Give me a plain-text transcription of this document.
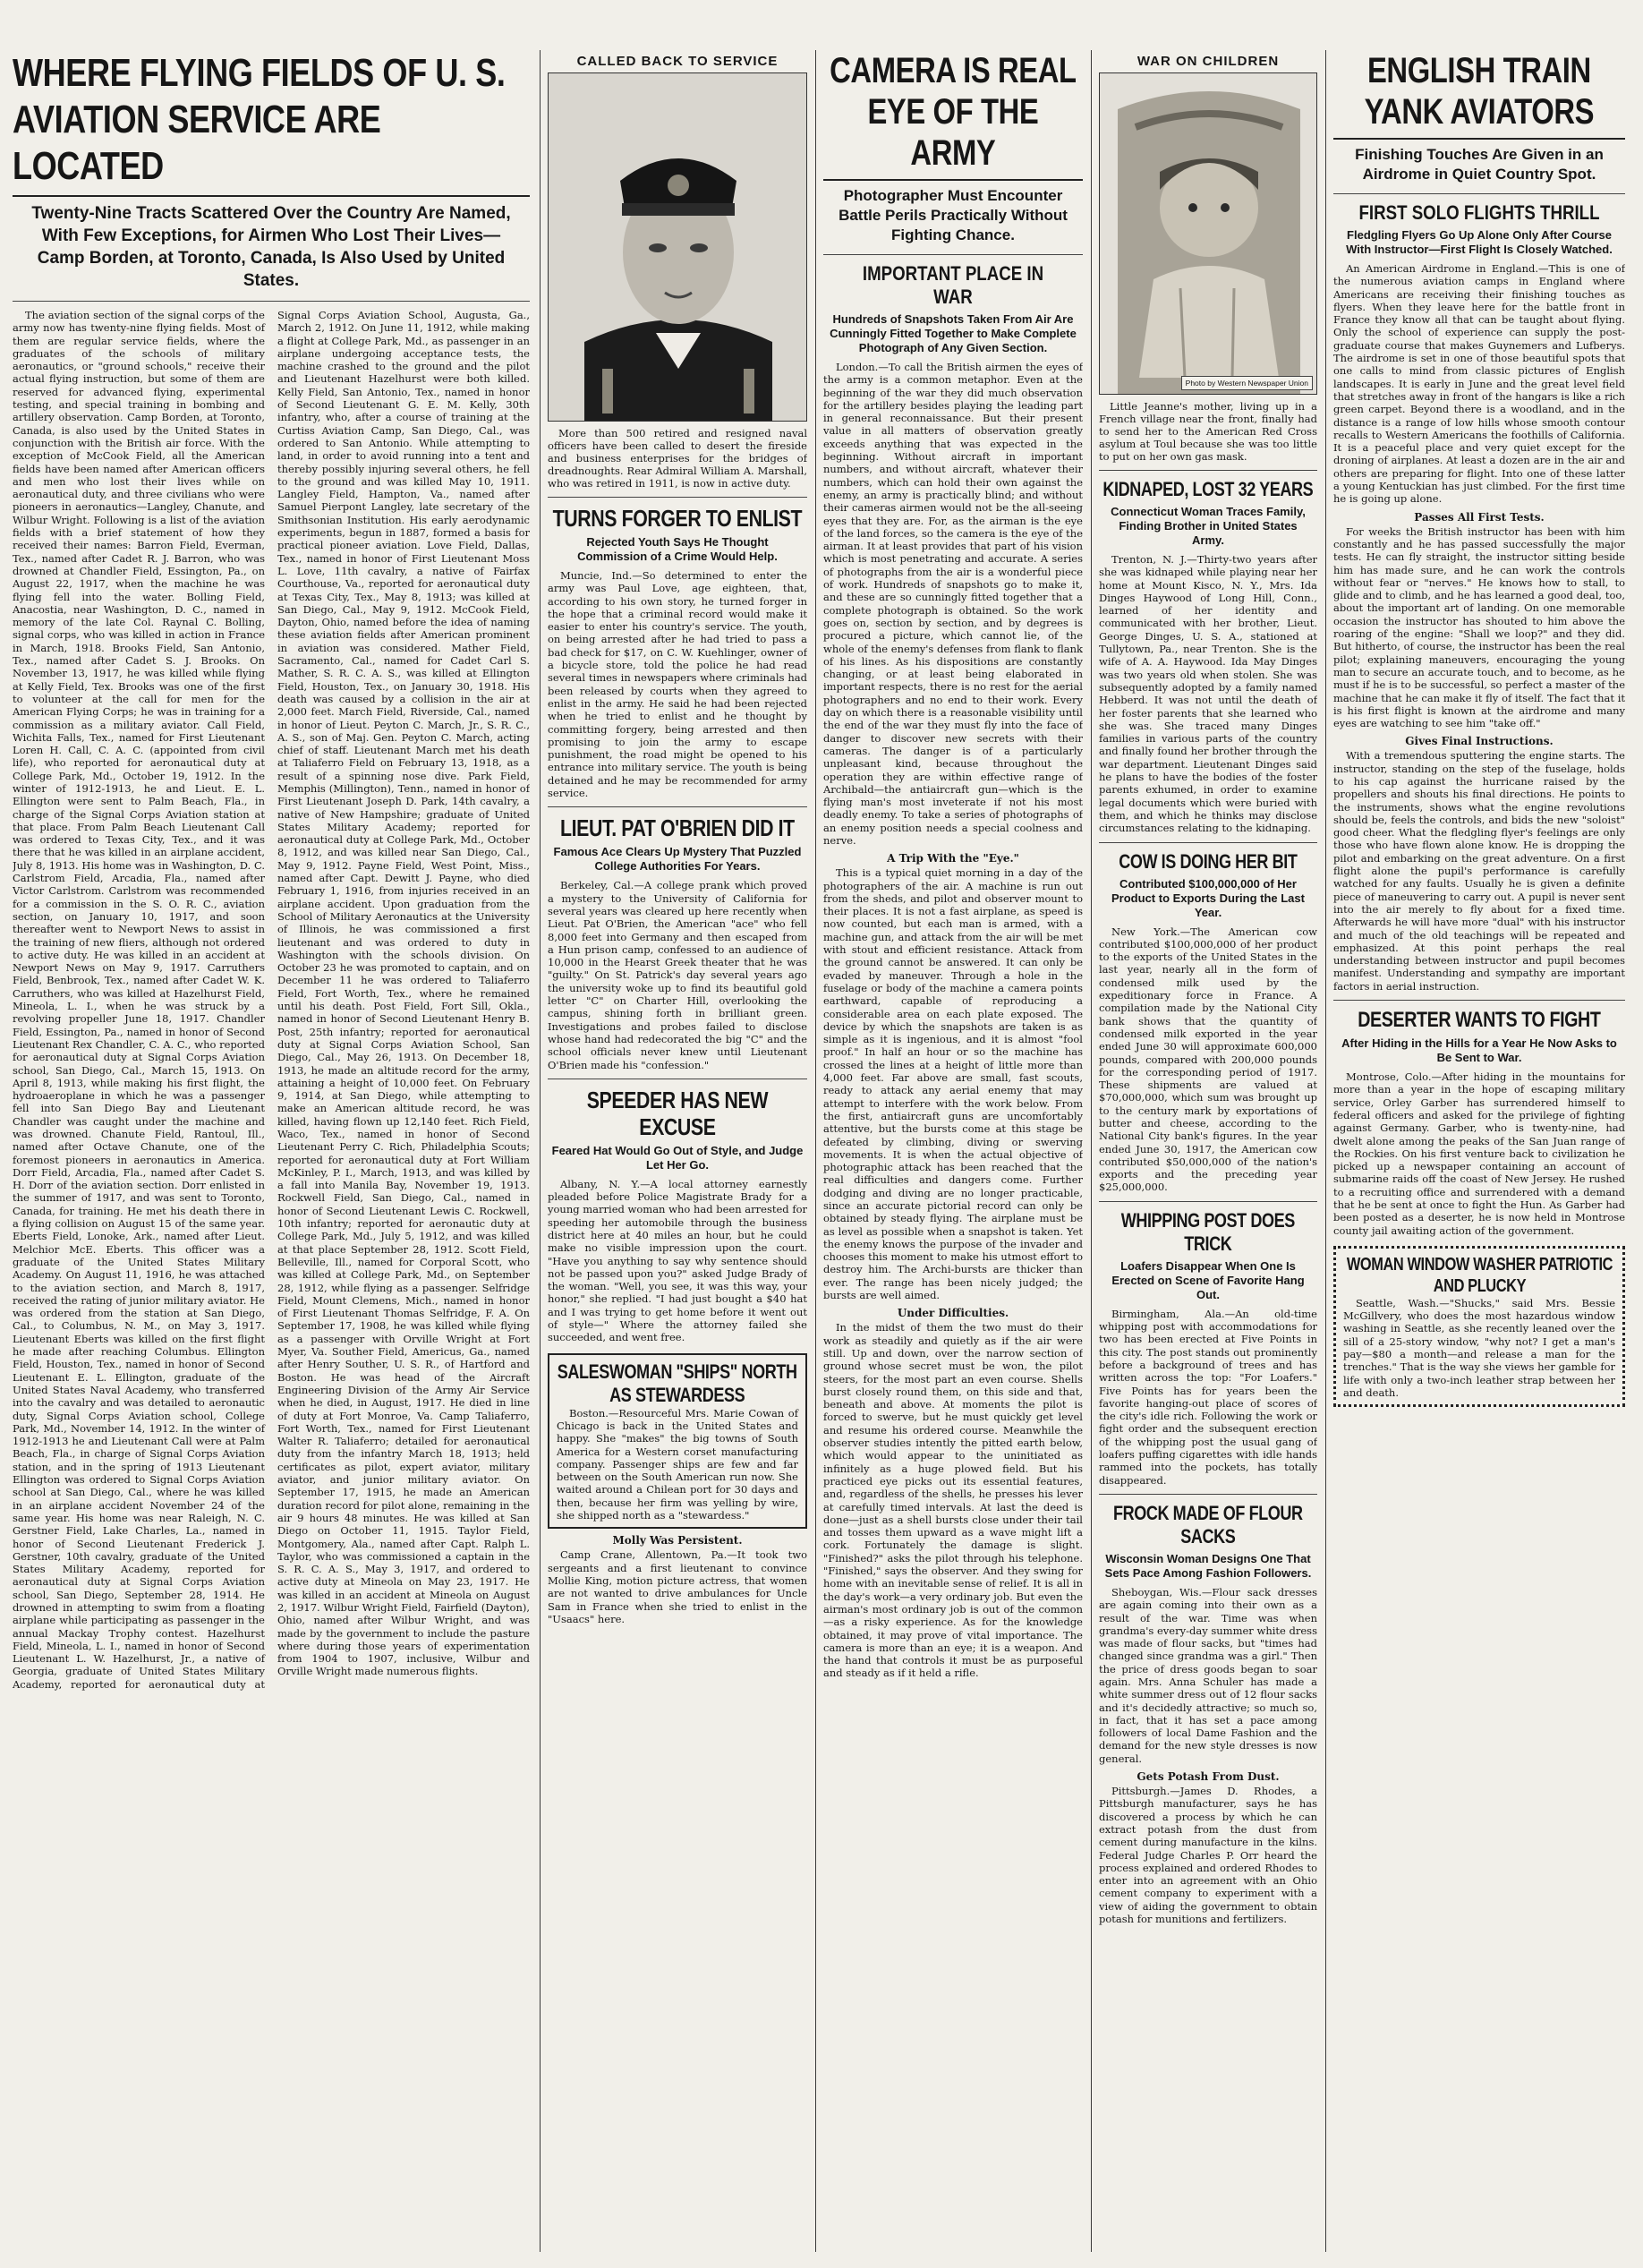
WHERE FLYING FIELDS OF U. S. AVIATION SERVICE ARE LOCATED
Twenty-Nine Tracts Scattered Over the Country Are Named, With Few Exceptions, for Airmen Who Lost Their Lives—Camp Borden, at Toronto, Canada, Is Also Used by United States.
The aviation section of the signal corps of the army now has twenty-nine flying fields. Most of them are regular service fields, where the graduates of the schools of military aeronautics, or "ground schools," receive their actual flying instruction, but some of them are reserved for advanced flying, experimental testing, and special training in bombing and artillery observation. Camp Borden, at Toronto, Canada, is also used by the United States in conjunction with the British air force. With the exception of McCook Field, all the American fields have been named after American officers and men who lost their lives while on aeronautical duty, and three civilians who were pioneers in aeronautics—Langley, Chanute, and Wilbur Wright. Following is a list of the aviation fields with a brief statement of how they received their names: Barron Field, Everman, Tex., named after Cadet R. J. Barron, who was drowned at Chandler Field, Essington, Pa., on August 22, 1917, when the machine he was flying fell into the water. Bolling Field, Anacostia, near Washington, D. C., named in memory of the late Col. Raynal C. Bolling, signal corps, who was killed in action in France in March, 1918. Brooks Field, San Antonio, Tex., named after Cadet S. J. Brooks. On November 13, 1917, he was killed while flying at Kelly Field, Tex. Brooks was one of the first to volunteer at the call for men for the American Flying Corps; he was in training for a commission as a military aviator. Call Field, Wichita Falls, Tex., named for First Lieutenant Loren H. Call, C. A. C. (appointed from civil life), who reported for aeronautical duty at College Park, Md., October 19, 1912. In the winter of 1912-1913, he and Lieut. E. L. Ellington were sent to Palm Beach, Fla., in charge of the Signal Corps Aviation station at that place. From Palm Beach Lieutenant Call was ordered to Texas City, Tex., and it was there that he was killed in an airplane accident, July 8, 1913. His home was in Washington, D. C. Carlstrom Field, Arcadia, Fla., named after Victor Carlstrom. Carlstrom was recommended for a commission in the S. O. R. C., aviation section, on January 10, 1917, and soon thereafter went to Newport News to assist in the training of new fliers, although not ordered to active duty. He was killed in an accident at Newport News on May 9, 1917. Carruthers Field, Benbrook, Tex., named after Cadet W. K. Carruthers, who was killed at Hazelhurst Field, Mineola, L. I., when he was struck by a revolving propeller June 18, 1917. Chandler Field, Essington, Pa., named in honor of Second Lieutenant Rex Chandler, C. A. C., who reported for aeronautical duty at Signal Corps Aviation school, San Diego, Cal., March 15, 1913. On April 8, 1913, while making his first flight, the hydroaeroplane in which he was a passenger fell into San Diego Bay and Lieutenant Chandler was caught under the machine and was drowned. Chanute Field, Rantoul, Ill., named after Octave Chanute, one of the foremost pioneers in aeronautics in America. Dorr Field, Arcadia, Fla., named after Cadet S. H. Dorr of the aviation section. Dorr enlisted in the summer of 1917, and was sent to Toronto, Canada, for training. He met his death there in a flying collision on August 15 of the same year. Eberts Field, Lonoke, Ark., named after Lieut. Melchior McE. Eberts. This officer was a graduate of the United States Military Academy. On August 11, 1916, he was attached to the aviation section, and March 8, 1917, received the rating of junior military aviator. He was ordered from the station at San Diego, Cal., to Columbus, N. M., on May 3, 1917. Lieutenant Eberts was killed on the first flight he made after reaching Columbus. Ellington Field, Houston, Tex., named in honor of Second Lieutenant E. L. Ellington, graduate of the United States Naval Academy, who transferred into the cavalry and was detailed to aeronautic duty, Signal Corps Aviation school, College Park, Md., November 14, 1912. In the winter of 1912-1913 he and Lieutenant Call were at Palm Beach, Fla., in charge of Signal Corps Aviation station, and in the spring of 1913 Lieutenant Ellington was ordered to Signal Corps Aviation school at San Diego, Cal., where he was killed in an airplane accident November 24 of the same year. His home was near Raleigh, N. C. Gerstner Field, Lake Charles, La., named in honor of Second Lieutenant Frederick J. Gerstner, 10th cavalry, graduate of the United States Military Academy, reported for aeronautical duty at Signal Corps Aviation school, San Diego, September 28, 1914. He drowned in attempting to swim from a floating airplane while participating as passenger in the annual Mackay Trophy contest. Hazelhurst Field, Mineola, L. I., named in honor of Second Lieutenant L. W. Hazelhurst, Jr., a native of Georgia, graduate of United States Military Academy, reported for aeronautical duty at Signal Corps Aviation School, Augusta, Ga., March 2, 1912. On June 11, 1912, while making a flight at College Park, Md., as passenger in an airplane undergoing acceptance tests, the machine crashed to the ground and the pilot and Lieutenant Hazelhurst were both killed. Kelly Field, San Antonio, Tex., named in honor of Second Lieutenant G. E. M. Kelly, 30th infantry, who, after a course of training at the Curtiss Aviation Camp, San Diego, Cal., was ordered to San Antonio. While attempting to land, in order to avoid running into a tent and thereby possibly injuring several others, he fell to the ground and was killed May 10, 1911. Langley Field, Hampton, Va., named after Samuel Pierpont Langley, late secretary of the Smithsonian Institution. His early aerodynamic experiments, begun in 1887, formed a basis for practical pioneer aviation. Love Field, Dallas, Tex., named in honor of First Lieutenant Moss L. Love, 11th cavalry, a native of Fairfax Courthouse, Va., reported for aeronautical duty at Texas City, Tex., May 8, 1913; was killed at San Diego, Cal., May 9, 1912. McCook Field, Dayton, Ohio, named before the idea of naming these aviation fields after American prominent in aviation was considered. Mather Field, Sacramento, Cal., named for Cadet Carl S. Mather, S. R. C. A. S., was killed at Ellington Field, Houston, Tex., on January 30, 1918. His death was caused by a collision in the air at 2,000 feet. March Field, Riverside, Cal., named in honor of Lieut. Peyton C. March, Jr., S. R. C., A. S., son of Maj. Gen. Peyton C. March, acting chief of staff. Lieutenant March met his death at Taliaferro Field on February 13, 1918, as a result of a spinning nose dive. Park Field, Memphis (Millington), Tenn., named in honor of First Lieutenant Joseph D. Park, 14th cavalry, a native of New Hampshire; graduate of United States Military Academy; reported for aeronautical duty at College Park, Md., October 8, 1912, and was killed near San Diego, Cal., May 9, 1912. Payne Field, West Point, Miss., named after Capt. Dewitt J. Payne, who died February 1, 1916, from injuries received in an airplane accident. Upon graduation from the School of Military Aeronautics at the University of Illinois, he was commissioned a first lieutenant and was ordered to duty in Washington with the schools division. On October 23 he was promoted to captain, and on December 11 he was ordered to Taliaferro Field, Fort Worth, Tex., where he remained until his death. Post Field, Fort Sill, Okla., named in honor of Second Lieutenant Henry B. Post, 25th infantry; reported for aeronautical duty at Signal Corps Aviation School, San Diego, Cal., May 26, 1913. On December 18, 1913, he made an altitude record for the army, attaining a height of 10,000 feet. On February 9, 1914, at San Diego, while attempting to make an American altitude record, he was killed, having flown up 12,140 feet. Rich Field, Waco, Tex., named in honor of Second Lieutenant Perry C. Rich, Philadelphia Scouts; reported for aeronautical duty at Fort William McKinley, P. I., March, 1913, and was killed by a fall into Manila Bay, November 19, 1913. Rockwell Field, San Diego, Cal., named in honor of Second Lieutenant Lewis C. Rockwell, 10th infantry; reported for aeronautic duty at College Park, Md., July 5, 1912, and was killed at that place September 28, 1912. Scott Field, Belleville, Ill., named for Corporal Scott, who was killed at College Park, Md., on September 28, 1912, while flying as a passenger. Selfridge Field, Mount Clemens, Mich., named in honor of First Lieutenant Thomas Selfridge, F. A. On September 17, 1908, he was killed while flying as a passenger with Orville Wright at Fort Myer, Va. Souther Field, Americus, Ga., named after Henry Souther, U. S. R., of Hartford and Boston. He was head of the Aircraft Engineering Division of the Army Air Service when he died, in August, 1917. He died in line of duty at Fort Monroe, Va. Camp Taliaferro, Fort Worth, Tex., named for First Lieutenant Walter R. Taliaferro; detailed for aeronautical duty from the infantry March 18, 1913; held certificates as pilot, expert aviator, military aviator, and junior military aviator. On September 17, 1915, he made an American duration record for pilot alone, remaining in the air 9 hours 48 minutes. He was killed at San Diego on October 11, 1915. Taylor Field, Montgomery, Ala., named after Capt. Ralph L. Taylor, who was commissioned a captain in the S. R. C. A. S., May 3, 1917, and ordered to active duty at Mineola on May 23, 1917. He was killed in an accident at Mineola on August 2, 1917. Wilbur Wright Field, Fairfield (Dayton), Ohio, named after Wilbur Wright, and was made by the government to include the pasture where during those years of experimentation from 1904 to 1907, inclusive, Wilbur and Orville Wright made numerous flights.
CALLED BACK TO SERVICE
More than 500 retired and resigned naval officers have been called to desert the fireside and business enterprises for the bridges of dreadnoughts. Rear Admiral William A. Marshall, who was retired in 1911, is now in active duty.
TURNS FORGER TO ENLIST
Rejected Youth Says He Thought Commission of a Crime Would Help.
Muncie, Ind.—So determined to enter the army was Paul Love, age eighteen, that, according to his own story, he turned forger in the hope that a criminal record would make it easier to enter his country's service. The youth, on being arrested after he had tried to pass a bad check for $17, on C. W. Kuehlinger, owner of a bicycle store, told the police he had read several times in newspapers where criminals had been released by courts when they agreed to enlist in the army. He said he had been rejected when he tried to enlist and he thought by committing forgery, being arrested and then promising to join the army to escape punishment, the road might be opened to his entrance into military service. The youth is being detained and he may be recommended for army service.
LIEUT. PAT O'BRIEN DID IT
Famous Ace Clears Up Mystery That Puzzled College Authorities For Years.
Berkeley, Cal.—A college prank which proved a mystery to the University of California for several years was cleared up here recently when Lieut. Pat O'Brien, the American "ace" who fell 8,000 feet into Germany and then escaped from a Hun prison camp, confessed to an audience of 10,000 in the Hearst Greek theater that he was "guilty." On St. Patrick's day several years ago the university woke up to find its beautiful gold letter "C" on Charter Hill, overlooking the campus, shining forth in brilliant green. Investigations and probes failed to disclose whose hand had redecorated the big "C" and the school officials never knew until Lieutenant O'Brien made his "confession."
SPEEDER HAS NEW EXCUSE
Feared Hat Would Go Out of Style, and Judge Let Her Go.
Albany, N. Y.—A local attorney earnestly pleaded before Police Magistrate Brady for a young married woman who had been arrested for speeding her automobile through the business district here at 40 miles an hour, but he could make no visible impression upon the court. "Have you anything to say why sentence should not be passed upon you?" asked Judge Brady of the woman. "Well, you see, it was this way, your honor," she replied. "I had just bought a $40 hat and I was trying to get home before it went out of style—" Where the attorney failed she succeeded, and went free.
SALESWOMAN "SHIPS" NORTH AS STEWARDESS
Boston.—Resourceful Mrs. Marie Cowan of Chicago is back in the United States and happy. She "makes" the big towns of South America for a Western corset manufacturing company. Passenger ships are few and far between on the South American run now. She waited around a Chilean port for 30 days and then, because her firm was yelling by wire, she shipped north as a "stewardess."
Molly Was Persistent.
Camp Crane, Allentown, Pa.—It took two sergeants and a first lieutenant to convince Mollie King, motion picture actress, that women are not wanted to drive ambulances for Uncle Sam in France when she tried to enlist in the "Usaacs" here.
CAMERA IS REAL EYE OF THE ARMY
Photographer Must Encounter Battle Perils Practically Without Fighting Chance.
IMPORTANT PLACE IN WAR
Hundreds of Snapshots Taken From Air Are Cunningly Fitted Together to Make Complete Photograph of Any Given Section.
London.—To call the British airmen the eyes of the army is a common metaphor. Even at the beginning of the war they did much observation for the artillery besides playing the leading part in general reconnaissance. But their present value in all matters of observation greatly exceeds anything that was expected in the beginning. Without aircraft in important numbers, and without aircraft, whatever their numbers, which can hold their own against the enemy, an army is practically blind; and without their cameras airmen would not be the all-seeing eyes that they are. For, as the airman is the eye of the land forces, so the camera is the eye of the airman. It at least provides that part of his vision which is most penetrating and accurate. A series of photographs from the air is a wonderful piece of work. Hundreds of snapshots go to make it, and these are so cunningly fitted together that a complete photograph is obtained. So the work goes on, section by section, and by degrees is procured a picture, which cannot lie, of the whole of the enemy's defenses from flank to flank of his lines. As his dispositions are constantly changing, or at least being elaborated in important respects, there is no rest for the aerial photographers and no end to their work. Every day on which there is a reasonable visibility until the end of the war they must fly into the face of danger to discover new secrets with their cameras. The danger is of a particularly unpleasant kind, because throughout the operation they are within effective range of Archibald—the antiaircraft gun—which is the flying man's most inveterate if not his most deadly enemy. To take a series of photographs of an enemy position needs a special coolness and nerve.
A Trip With the "Eye."
This is a typical quiet morning in a day of the photographers of the air. A machine is run out from the sheds, and pilot and observer mount to their places. It is not a fast airplane, as speed is now counted, but each man is armed, with a machine gun, and attack from the air will be met with stout and efficient resistance. Attack from the ground cannot be answered. It can only be evaded by maneuver. Through a hole in the fuselage or body of the machine a camera points earthward, capable of reproducing a considerable area on each plate exposed. The device by which the snapshots are taken is as simple as it is ingenious, and it is almost "fool proof." In half an hour or so the machine has crossed the lines at a height of little more than 4,000 feet. Far above are small, fast scouts, ready to attack any aerial enemy that may attempt to interfere with the work below. From the first, antiaircraft guns are uncomfortably attentive, but the bursts come at this stage be defeated by climbing, diving or swerving movements. It is when the actual objective of photographic attack has been reached that the real difficulties and dangers come. Further dodging and diving are no longer practicable, since an accurate pictorial record can only be obtained by steady flying. The airplane must be as level as possible when a snapshot is taken. Yet the enemy knows the purpose of the invader and chooses this moment to make his utmost effort to destroy him. The Archi-bursts are thicker than ever. The range has been nicely judged; the bursts are well aimed.
Under Difficulties.
In the midst of them the two must do their work as steadily and quietly as if the air were still. Up and down, over the narrow section of ground whose secret must be won, the pilot steers, for the most part an even course. Shells burst closely round them, on this side and that, beneath and above. At moments the pilot is forced to swerve, but he must quickly get level and resume his ordered course. Meanwhile the observer studies intently the pitted earth below, which would appear to the uninitiated as infinitely as a huge plowed field. But his practiced eye picks out its essential features, and, regardless of the shells, he presses his lever at carefully timed intervals. At last the deed is done—just as a shell bursts close under their tail and tosses them upward as a wave might lift a cork. Fortunately the damage is slight. "Finished?" asks the pilot through his telephone. "Finished," says the observer. And they swing for home with an inevitable sense of relief. It is all in the day's work—a very ordinary job. But even the airman's most ordinary job is out of the common—as a risky experience. As for the knowledge obtained, it may prove of vital importance. The camera is more than an eye; it is a weapon. And the hand that controls it must be as purposeful and steady as if it held a rifle.
WAR ON CHILDREN
Photo by Western Newspaper Union
Little Jeanne's mother, living up in a French village near the front, finally had to send her to the American Red Cross asylum at Toul because she was too little to put on her own gas mask.
KIDNAPED, LOST 32 YEARS
Connecticut Woman Traces Family, Finding Brother in United States Army.
Trenton, N. J.—Thirty-two years after she was kidnaped while playing near her home at Mount Kisco, N. Y., Mrs. Ida Dinges Haywood of Long Hill, Conn., learned of her identity and communicated with her brother, Lieut. George Dinges, U. S. A., stationed at Tullytown, Pa., near Trenton. She is the wife of A. A. Haywood. Ida May Dinges was two years old when stolen. She was subsequently adopted by a family named Hebberd. It was not until the death of her foster parents that she learned who she was. She traced many Dinges families in various parts of the country and finally found her brother through the war department. Lieutenant Dinges said he plans to have the bodies of the foster parents exhumed, in order to examine legal documents which were buried with them, and which he thinks may disclose circumstances relating to the kidnaping.
COW IS DOING HER BIT
Contributed $100,000,000 of Her Product to Exports During the Last Year.
New York.—The American cow contributed $100,000,000 of her product to the exports of the United States in the last year, nearly all in the form of condensed milk used by the expeditionary force in France. A compilation made by the National City bank shows that the quantity of condensed milk exported in the year ended June 30 will approximate 600,000 pounds, compared with 200,000 pounds for the corresponding period of 1917. These shipments are valued at $70,000,000, which sum was brought up to the century mark by exportations of butter and cheese, according to the National City bank's figures. In the year ended June 30, 1917, the American cow contributed $50,000,000 of the nation's exports and the preceding year $25,000,000.
WHIPPING POST DOES TRICK
Loafers Disappear When One Is Erected on Scene of Favorite Hang Out.
Birmingham, Ala.—An old-time whipping post with accommodations for two has been erected at Five Points in this city. The post stands out prominently before a background of trees and has written across the top: "For Loafers." Five Points has for years been the favorite hanging-out place of scores of the city's idle rich. Following the work or fight order and the subsequent erection of the whipping post the usual gang of loafers puffing cigarettes with idle hands rammed into the pockets, has totally disappeared.
FROCK MADE OF FLOUR SACKS
Wisconsin Woman Designs One That Sets Pace Among Fashion Followers.
Sheboygan, Wis.—Flour sack dresses are again coming into their own as a result of the war. Time was when grandma's every-day summer white dress was made of flour sacks, but "times had changed since grandma was a girl." Then the price of dress goods began to soar again. Mrs. Anna Schuler has made a white summer dress out of 12 flour sacks and it's decidedly attractive; so much so, in fact, that it has set a pace among followers of local Dame Fashion and the demand for the new style dresses is now general.
Gets Potash From Dust.
Pittsburgh.—James D. Rhodes, a Pittsburgh manufacturer, says he has discovered a process by which he can extract potash from the dust from cement during manufacture in the kilns. Federal Judge Charles P. Orr heard the process explained and ordered Rhodes to enter into an agreement with an Ohio cement company to experiment with a view of aiding the government to obtain potash for munitions and fertilizers.
ENGLISH TRAIN YANK AVIATORS
Finishing Touches Are Given in an Airdrome in Quiet Country Spot.
FIRST SOLO FLIGHTS THRILL
Fledgling Flyers Go Up Alone Only After Course With Instructor—First Flight Is Closely Watched.
An American Airdrome in England.—This is one of the numerous aviation camps in England where Americans are receiving their finishing touches as flyers. When they leave here for the battle front in France they know all that can be taught about flying. Only the school of experience can supply the post-graduate course that makes Guynemers and Lufberys. The airdrome is set in one of those beautiful spots that one calls to mind from classic pictures of English landscapes. It is early in June and the great level field that stretches away in front of the hangars is like a rich green carpet. Beyond there is a woodland, and in the distance is a range of low hills whose smooth contour recalls to Western Americans the foothills of California. It is a peaceful place and very quiet except for the droning of airplanes. At least a dozen are in the air and others are preparing for flight. Into one of these latter a young Kentuckian has just climbed. For the first time he is going up alone.
Passes All First Tests.
For weeks the British instructor has been with him constantly and he has passed successfully the major tests. He can fly straight, the instructor sitting beside him has made sure, and he can work the controls without fear or "nerves." He knows how to stall, to glide and to climb, and he has learned a good deal, too, about the important art of landing. On one memorable occasion the instructor has shouted to him above the roaring of the engine: "Shall we loop?" and they did. But hitherto, of course, the instructor has been the real pilot; explaining maneuvers, encouraging the young man to secure an accurate touch, and to become, as he must if he is to be successful, so perfect a master of the machine that he can make it fly of itself. The fact that it is his first flight is known at the airdrome and many eyes are watching to see him "take off."
Gives Final Instructions.
With a tremendous sputtering the engine starts. The instructor, standing on the step of the fuselage, holds to his cap against the hurricane raised by the propellers and shouts his final directions. He points to the instruments, shows what the engine revolutions should be, feels the controls, and bids the new "soloist" good cheer. What the fledgling flyer's feelings are only those who have flown alone know. He is dropping the pilot and embarking on the great adventure. On a first flight alone the pupil's performance is carefully watched for any faults. Usually he is given a definite piece of maneuvering to carry out. A pupil is never sent into the air merely to fly about for a fixed time. Afterwards he will have more "dual" with his instructor and much of the old teachings will be repeated and emphasized. At this point perhaps the real understanding between instructor and pupil becomes manifest. Understanding and sympathy are important factors in aerial instruction.
DESERTER WANTS TO FIGHT
After Hiding in the Hills for a Year He Now Asks to Be Sent to War.
Montrose, Colo.—After hiding in the mountains for more than a year in the hope of escaping military service, Orley Garber has surrendered himself to federal officers and asked for the privilege of fighting against Germany. Garber, who is twenty-nine, had dwelt alone among the peaks of the San Juan range of the Rockies. On his first venture back to civilization he picked up a newspaper containing an account of submarine raids off the coast of New Jersey. He rushed to a recruiting office and surrendered with a demand that he be sent at once to fight the Hun. As Garber had been posted as a deserter, he is now held in Montrose county jail awaiting action of the government.
WOMAN WINDOW WASHER PATRIOTIC AND PLUCKY
Seattle, Wash.—"Shucks," said Mrs. Bessie McGillvery, who does the most hazardous window washing in Seattle, as she recently leaned over the sill of a 25-story window, "why not? I get a man's pay—$80 a month—and release a man for the trenches." That is the way she views her gamble for life with only a two-inch leather strap between her and death.
